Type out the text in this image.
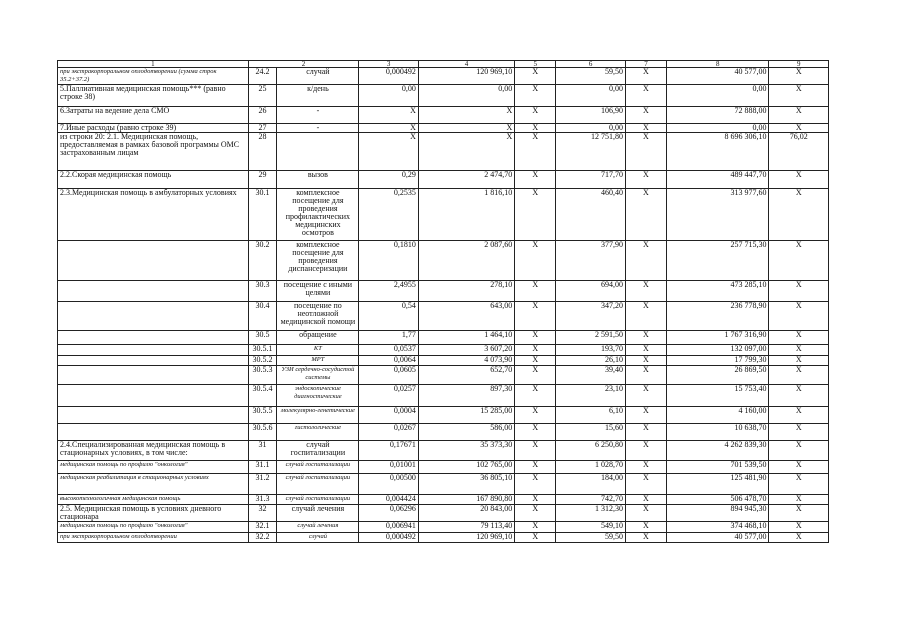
1	2		3	4	5	6	7	8	9
при экстракорпоральном оплодотворении (сумма строк 35.2+37.2)	24.2	случай	0,000492	120 969,10	X	59,50	X	40 577,00	X
5.Паллиативная медицинская помощь*** (равно строке 38)	25	к/день	0,00	0,00	X	0,00	X	0,00	X
6.Затраты на ведение дела СМО	26	-	X	X	X	106,90	X	72 888,00	X
7.Иные расходы (равно строке 39)	27	-	X	X	X	0,00	X	0,00	X
из строки 20: 2.1. Медицинская помощь, предоставляемая в рамках базовой программы ОМС застрахованным лицам	28		X	X	X	12 751,80	X	8 696 306,10	76,02
2.2.Скорая медицинская помощь	29	вызов	0,29	2 474,70	X	717,70	X	489 447,70	X
2.3.Медицинская помощь в амбулаторных условиях	30.1	комплексное посещение для проведения профилактических медицинских осмотров	0,2535	1 816,10	X	460,40	X	313 977,60	X
	30.2	комплексное посещение для проведения диспансеризации	0,1810	2 087,60	X	377,90	X	257 715,30	X
	30.3	посещение с иными целями	2,4955	278,10	X	694,00	X	473 285,10	X
	30.4	посещение по неотложной медицинской помощи	0,54	643,00	X	347,20	X	236 778,90	X
	30.5	обращение	1,77	1 464,10	X	2 591,50	X	1 767 316,90	X
	30.5.1	КТ	0,0537	3 607,20	X	193,70	X	132 097,00	X
	30.5.2	МРТ	0,0064	4 073,90	X	26,10	X	17 799,30	X
	30.5.3	УЗИ сердечно-сосудистой системы	0,0605	652,70	X	39,40	X	26 869,50	X
	30.5.4	эндоскопические диагностические	0,0257	897,30	X	23,10	X	15 753,40	X
	30.5.5	молекулярно-генетические	0,0004	15 285,00	X	6,10	X	4 160,00	X
	30.5.6	гистологические	0,0267	586,00	X	15,60	X	10 638,70	X
2.4.Специализированная медицинская помощь в стационарных условиях, в том числе:	31	случай госпитализации	0,17671	35 373,30	X	6 250,80	X	4 262 839,30	X
медицинская помощь по профилю "онкология"	31.1	случай госпитализации	0,01001	102 765,00	X	1 028,70	X	701 539,50	X
медицинская реабилитация в стационарных условиях	31.2	случай госпитализации	0,00500	36 805,10	X	184,00	X	125 481,90	X
высокотехнологичная медицинская помощь	31.3	случай госпитализации	0,004424	167 890,80	X	742,70	X	506 478,70	X
2.5. Медицинская помощь в условиях дневного стационара	32	случай лечения	0,06296	20 843,00	X	1 312,30	X	894 945,30	X
медицинская помощь по профилю "онкология"	32.1	случай лечения	0,006941	79 113,40	X	549,10	X	374 468,10	X
при экстракорпоральном оплодотворении	32.2	случай	0,000492	120 969,10	X	59,50	X	40 577,00	X
